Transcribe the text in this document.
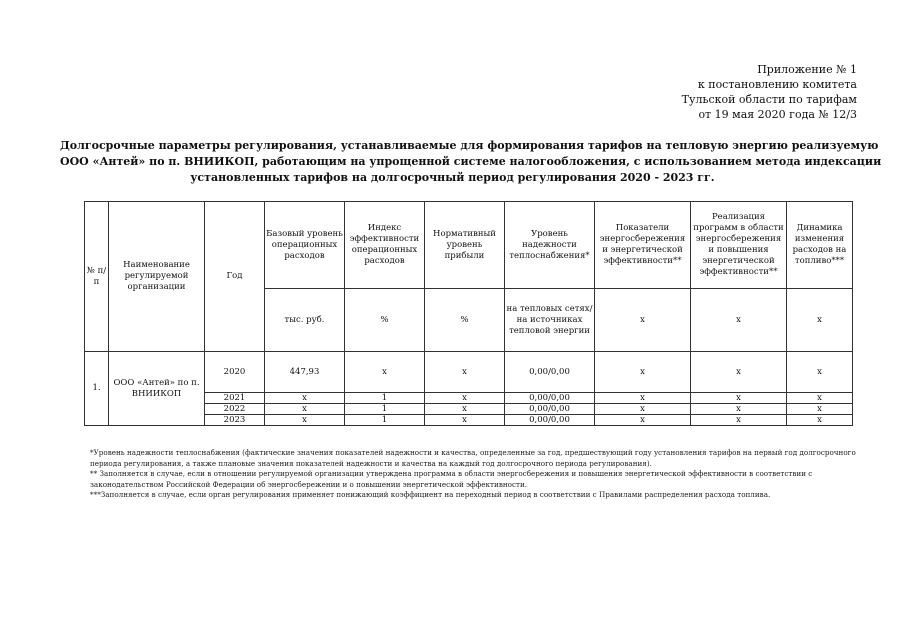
Приложение № 1
к постановлению комитета
Тульской области по тарифам
от 19 мая 2020 года № 12/3
Долгосрочные параметры регулирования, устанавливаемые для формирования тарифов на тепловую энергию реализуемую
ООО «Антей» по п. ВНИИКОП, работающим на упрощенной системе налогообложения, с использованием метода индексации
установленных тарифов на долгосрочный период регулирования 2020 - 2023 гг.
№ п/п	Наименование регулируемой организации	Год	Базовый уровень операционных расходов	Индекс эффективности операционных расходов	Нормативный уровень прибыли	Уровень надежности теплоснабжения*	Показатели энергосбережения и энергетической эффективности**	Реализация программ в области энергосбережения и повышения энергетической эффективности**	Динамика изменения расходов на топливо***
			тыс. руб.	%	%	на тепловых сетях/на источниках тепловой энергии	х	х	х
1.	ООО «Антей» по п. ВНИИКОП	2020	447,93	х	х	0,00/0,00	х	х	х
		2021	х	1	х	0,00/0,00	х	х	х
		2022	х	1	х	0,00/0,00	х	х	х
		2023	х	1	х	0,00/0,00	х	х	х
*Уровень надежности теплоснабжения (фактические значения показателей надежности и качества, определенные за год, предшествующий году установления тарифов на первый год долгосрочного периода регулирования, а также плановые значения показателей надежности и качества на каждый год долгосрочного периода регулирования).
** Заполняется в случае, если в отношении регулируемой организации утверждена программа в области энергосбережения и повышения энергетической эффективности в соответствии с законодательством Российской Федерации об энергосбережении и о повышении энергетической эффективности.
***Заполняется в случае, если орган регулирования применяет понижающий коэффициент на переходный период в соответствии с Правилами распределения расхода топлива.
